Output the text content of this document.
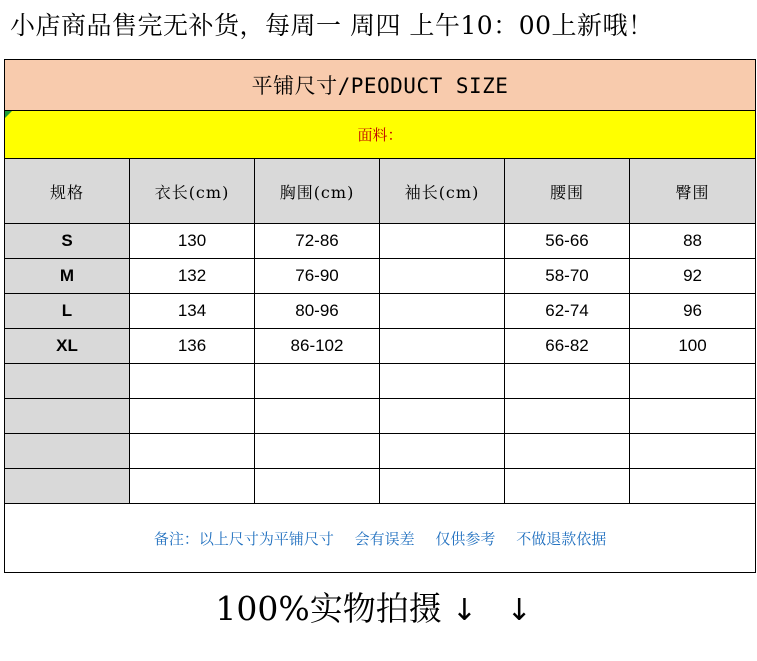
小店商品售完无补货，每周一 周四 上午10：00上新哦！
平铺尺寸/PEODUCT SIZE					

面料：					
规格	衣长(cm)	胸围(cm)	袖长(cm)	腰围	臀围
S	130	72-86		56-66	88
M	132	76-90		58-70	92
L	134	80-96		62-74	96
XL	136	86-102		66-82	100

备注：以上尺寸为平铺尺寸 会有误差 仅供参考 不做退款依据					
100%实物拍摄 ↓ ↓
